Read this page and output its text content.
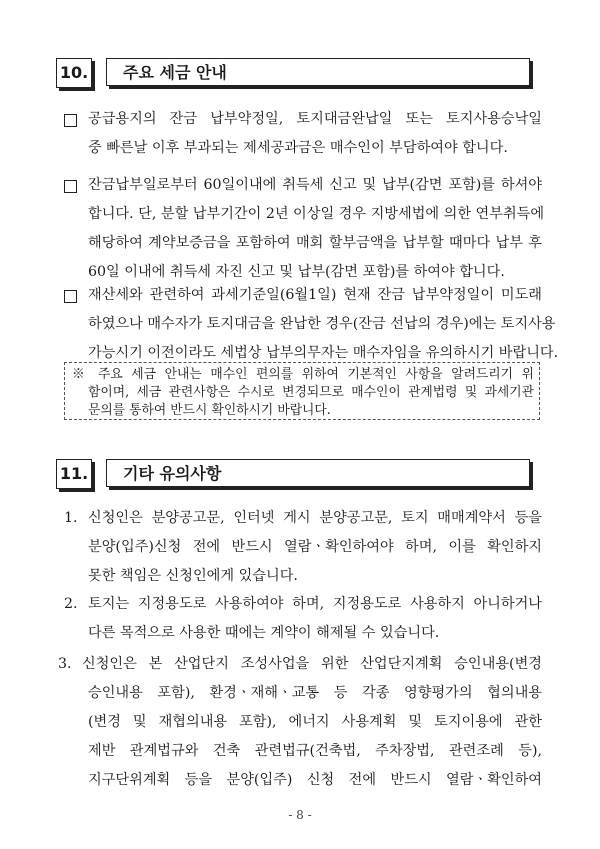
10.	주요 세금 안내
공급용지의 잔금 납부약정일, 토지대금완납일 또는 토지사용승낙일
중 빠른날 이후 부과되는 제세공과금은 매수인이 부담하여야 합니다.
잔금납부일로부터 60일이내에 취득세 신고 및 납부(감면 포함)를 하셔야
합니다. 단, 분할 납부기간이 2년 이상일 경우 지방세법에 의한 연부취득에
해당하여 계약보증금을 포함하여 매회 할부금액을 납부할 때마다 납부 후
60일 이내에 취득세 자진 신고 및 납부(감면 포함)를 하여야 합니다.
재산세와 관련하여 과세기준일(6월1일) 현재 잔금 납부약정일이 미도래
하였으나 매수자가 토지대금을 완납한 경우(잔금 선납의 경우)에는 토지사용
가능시기 이전이라도 세법상 납부의무자는 매수자임을 유의하시기 바랍니다.
※ 주요 세금 안내는 매수인 편의를 위하여 기본적인 사항을 알려드리기 위
함이며, 세금 관련사항은 수시로 변경되므로 매수인이 관계법령 및 과세기관
문의를 통하여 반드시 확인하시기 바랍니다.
11.	기타 유의사항
1. 신청인은 분양공고문, 인터넷 게시 분양공고문, 토지 매매계약서 등을
분양(입주)신청 전에 반드시 열람ㆍ확인하여야 하며, 이를 확인하지
못한 책임은 신청인에게 있습니다.
2. 토지는 지정용도로 사용하여야 하며, 지정용도로 사용하지 아니하거나
다른 목적으로 사용한 때에는 계약이 해제될 수 있습니다.
3. 신청인은 본 산업단지 조성사업을 위한 산업단지계획 승인내용(변경
승인내용 포함), 환경ㆍ재해ㆍ교통 등 각종 영향평가의 협의내용
(변경 및 재협의내용 포함), 에너지 사용계획 및 토지이용에 관한
제반 관계법규와 건축 관련법규(건축법, 주차장법, 관련조례 등),
지구단위계획 등을 분양(입주) 신청 전에 반드시 열람ㆍ확인하여
- 8 -
